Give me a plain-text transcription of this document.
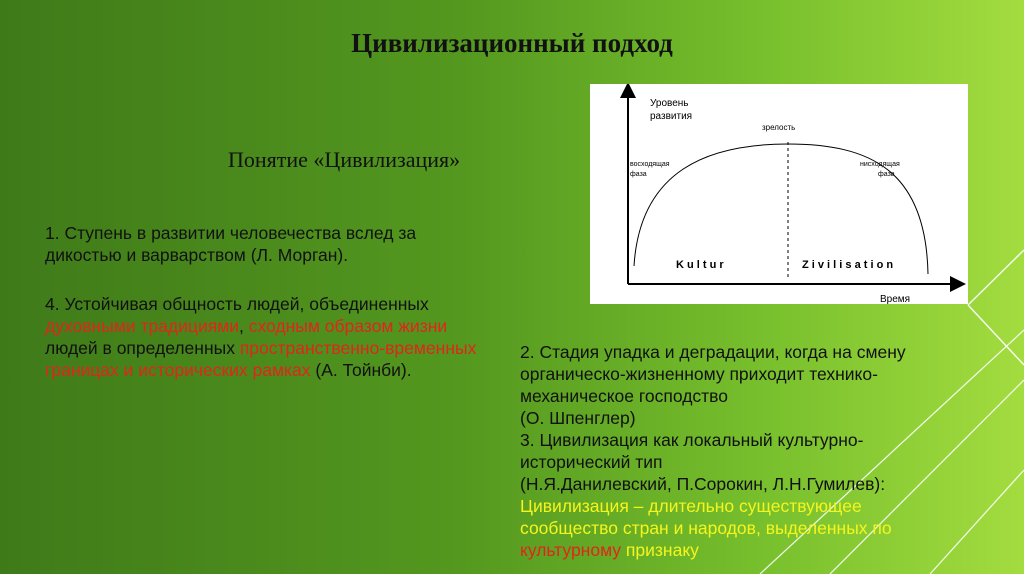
Цивилизационный подход
Понятие «Цивилизация»
1. Ступень в развитии человечества вслед за дикостью и варварством (Л. Морган).
4. Устойчивая общность людей, объединенных духовными традициями, сходным образом жизни людей в определенных пространственно-временных границах и исторических рамках (А. Тойнби).
2. Стадия упадка и деградации, когда на смену органическо-жизненному приходит технико-механическое господство
(О. Шпенглер)
3. Цивилизация как локальный культурно-исторический тип
(Н.Я.Данилевский, П.Сорокин, Л.Н.Гумилев):
Цивилизация – длительно существующее сообщество стран и народов, выделенных по культурному признаку
Уровень
развития
зрелость
восходящая
фаза
нисходящая
фаза
K u l t u r	Z i v i l i s a t i o n
Время
